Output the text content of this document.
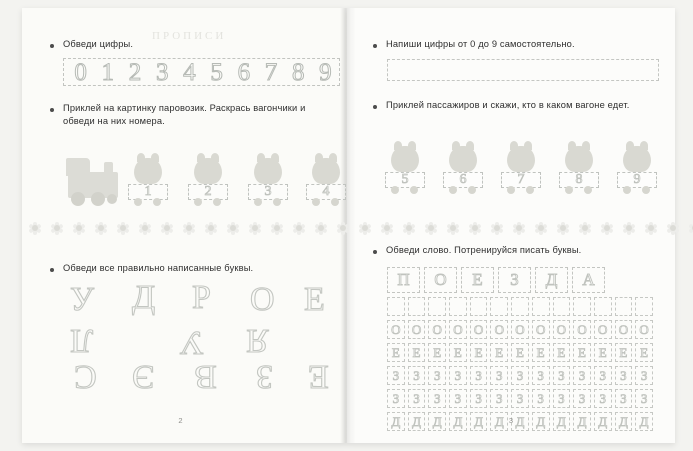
ПРОПИСИ

Обведи цифры.

0 1 2 3 4 5 6 7 8 9

Приклей на картинку паровозик. Раскрась вагончики и обведи на них номера.

1	2	3	4

Обведи все правильно написанные буквы.

У Д Р О Е
Л	У Я
С Э В З Е
2

Напиши цифры от 0 до 9 самостоятельно.

Приклей пассажиров и скажи, кто в каком вагоне едет.

5	6	7	8	9

Обведи слово. Потренируйся писать буквы.

П	О	Е	З	Д	А
О О О О О О О О О О О О О
Е Е Е Е Е Е Е Е Е Е Е Е Е
З	З	З	З	З	З	З	З	З	З	З	З	З
З	З	З	З	З	З	З	З	З	З	З	З	З
Д Д Д Д Д Д Д Д Д Д Д Д Д
3
